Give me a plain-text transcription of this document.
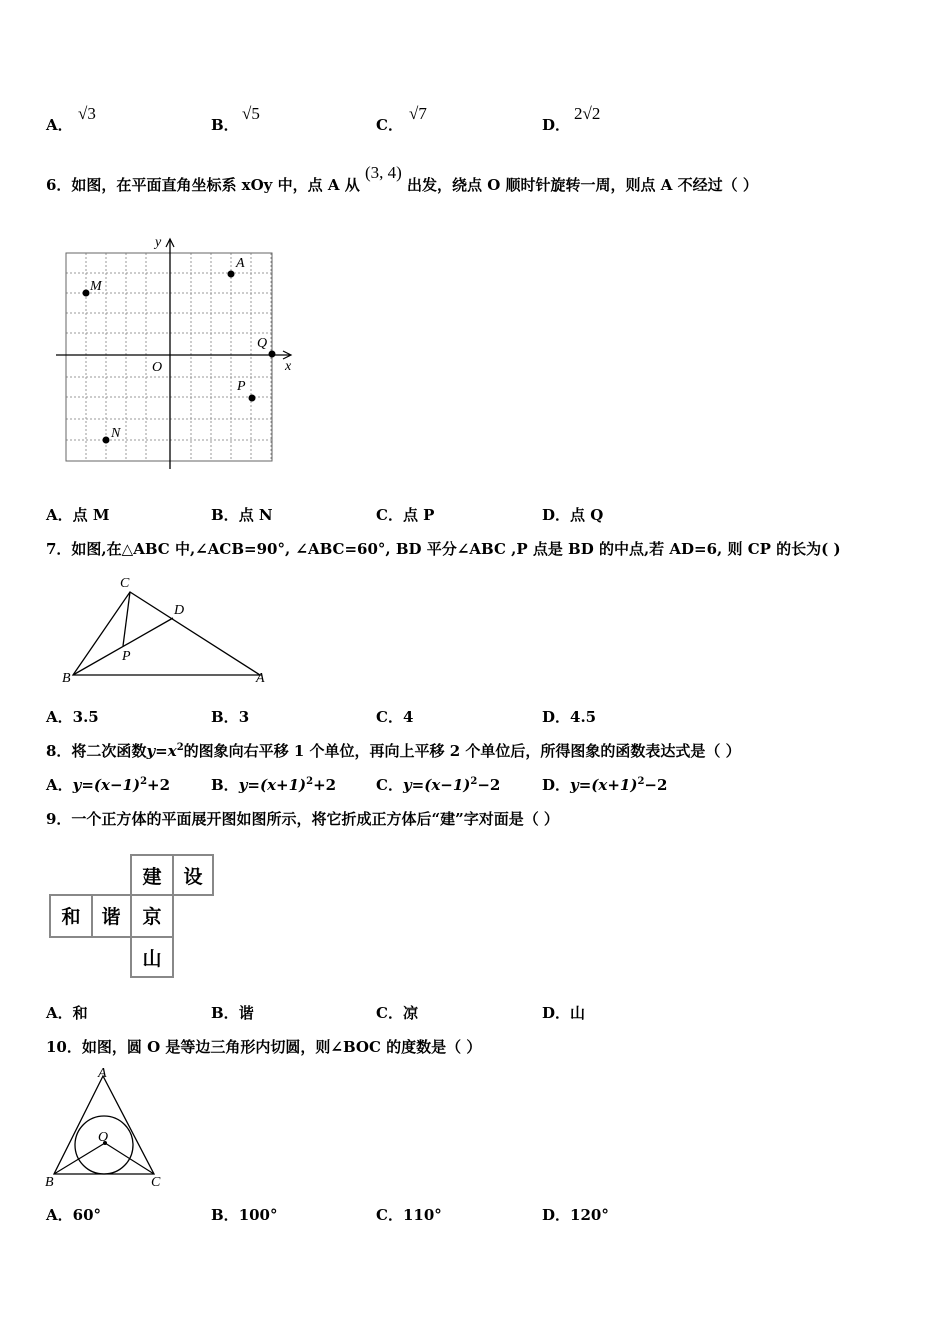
A．
√3
B．
√5
C．
√7
D．
2√2
6．如图，在平面直角坐标系 xOy 中，点 A 从 (3, 4) 出发，绕点 O 顺时针旋转一周，则点 A 不经过（ ）
x
y
O
A
M
Q
P
N
A．点 M	B．点 N	C．点 P	D．点 Q
7．如图,在△ABC 中,∠ACB=90°, ∠ABC=60°, BD 平分∠ABC ,P 点是 BD 的中点,若 AD=6, 则 CP 的长为( )
C
D
P
B	A
A．3.5	B．3	C．4	D．4.5
8．将二次函数$y=x^2$的图象向右平移 1 个单位，再向上平移 2 个单位后，所得图象的函数表达式是（ ）
A．$y=(x-1)^2+2$	B．$y=(x+1)^2+2$	C．$y=(x-1)^2-2$	D．$y=(x+1)^2-2$
9．一个正方体的平面展开图如图所示，将它折成正方体后“建”字对面是（ ）
建 设
和 谐 京
山
A．和	B．谐	C．凉	D．山
10．如图，圆 O 是等边三角形内切圆，则∠BOC 的度数是（ ）
A
O
B	C
A．60°	B．100°	C．110°	D．120°
